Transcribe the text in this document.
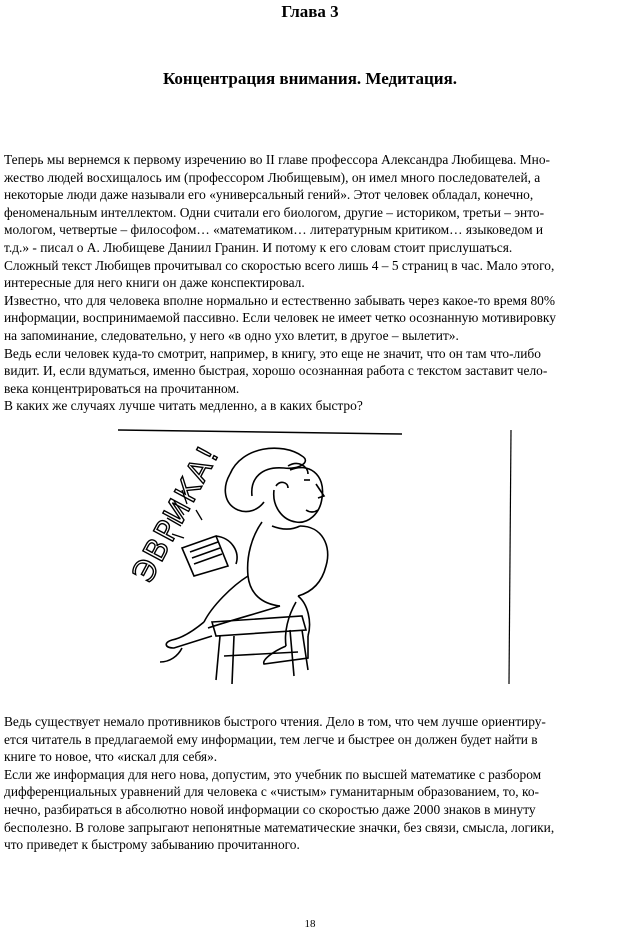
Глава 3
Концентрация внимания. Медитация.

Теперь мы вернемся к первому изречению во II главе профессора Александра Любищева. Мно-

жество людей восхищалось им (профессором Любищевым), он имел много последователей, а

некоторые люди даже называли его «универсальный гений». Этот человек обладал, конечно,

феноменальным интеллектом. Одни считали его биологом, другие – историком, третьи – энто-

мологом, четвертые – философом… «математиком… литературным критиком… языковедом и

т.д.» - писал о А. Любищеве Даниил Гранин. И потому к его словам стоит прислушаться.

Сложный текст Любищев прочитывал со скоростью всего лишь 4 – 5 страниц в час. Мало этого,

интересные для него книги он даже конспектировал.

Известно, что для человека вполне нормально и естественно забывать через какое-то время 80%

информации, воспринимаемой пассивно. Если человек не имеет четко осознанную мотивировку

на запоминание, следовательно, у него «в одно ухо влетит, в другое – вылетит».

Ведь если человек куда-то смотрит, например, в книгу, это еще не значит, что он там что-либо

видит. И, если вдуматься, именно быстрая, хорошо осознанная работа с текстом заставит чело-

века концентрироваться на прочитанном.

В каких же случаях лучше читать медленно, а в каких быстро?

ЭВРИКА!

Ведь существует немало противников быстрого чтения. Дело в том, что чем лучше ориентиру-

ется читатель в предлагаемой ему информации, тем легче и быстрее он должен будет найти в

книге то новое, что «искал для себя».

Если же информация для него нова, допустим, это учебник по высшей математике с разбором

дифференциальных уравнений для человека с «чистым» гуманитарным образованием, то, ко-

нечно, разбираться в абсолютно новой информации со скоростью даже 2000 знаков в минуту

бесполезно. В голове запрыгают непонятные математические значки, без связи, смысла, логики,

что приведет к быстрому забыванию прочитанного.

18
